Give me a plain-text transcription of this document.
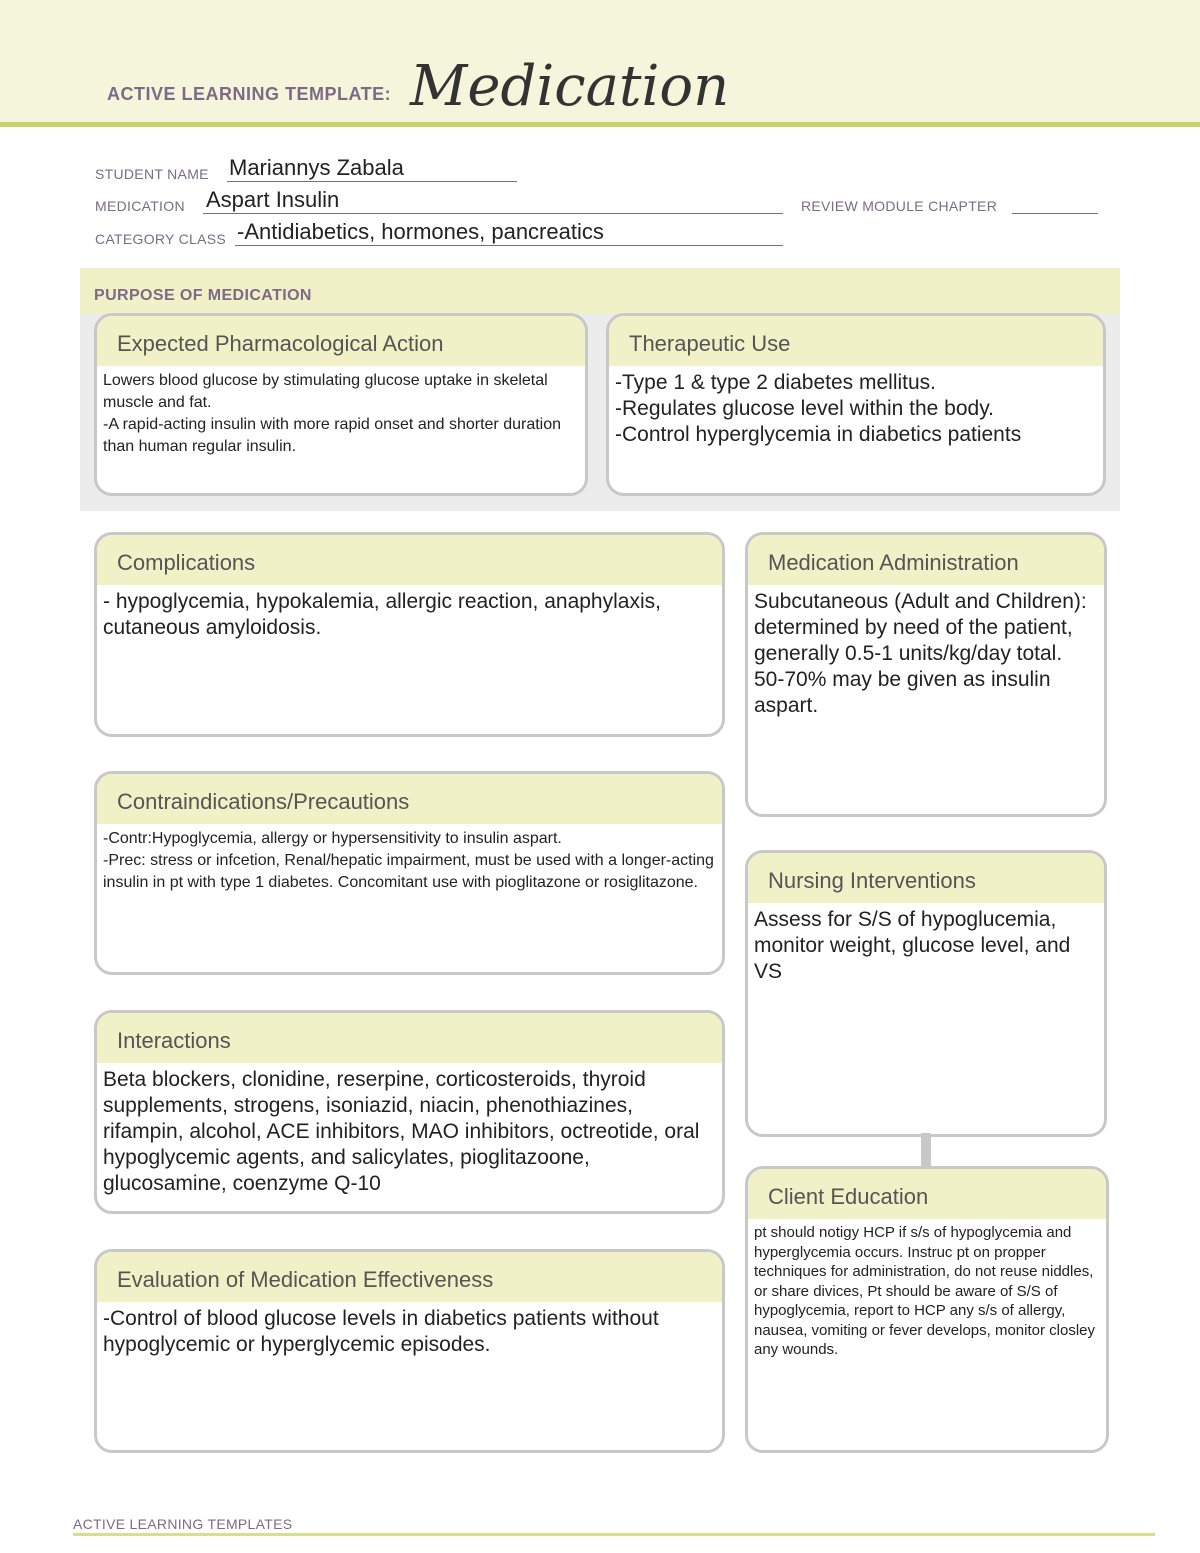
ACTIVE LEARNING TEMPLATE: Medication
STUDENT NAME Mariannys Zabala
MEDICATION Aspart Insulin	REVIEW MODULE CHAPTER
CATEGORY CLASS -Antidiabetics, hormones, pancreatics
PURPOSE OF MEDICATION
Expected Pharmacological Action
Lowers blood glucose by stimulating glucose uptake in skeletal muscle and fat.
-A rapid-acting insulin with more rapid onset and shorter duration than human regular insulin.
Therapeutic Use
-Type 1 & type 2 diabetes mellitus.
-Regulates glucose level within the body.
-Control hyperglycemia in diabetics patients
Complications
- hypoglycemia, hypokalemia, allergic reaction, anaphylaxis, cutaneous amyloidosis.
Medication Administration
Subcutaneous (Adult and Children): determined by need of the patient, generally 0.5-1 units/kg/day total. 50-70% may be given as insulin aspart.
Contraindications/Precautions
-Contr:Hypoglycemia, allergy or hypersensitivity to insulin aspart.
-Prec: stress or infcetion, Renal/hepatic impairment, must be used with a longer-acting insulin in pt with type 1 diabetes. Concomitant use with pioglitazone or rosiglitazone.	Nursing Interventions
Assess for S/S of hypoglucemia, monitor weight, glucose level, and VS
Interactions
Beta blockers, clonidine, reserpine, corticosteroids, thyroid supplements, strogens, isoniazid, niacin, phenothiazines, rifampin, alcohol, ACE inhibitors, MAO inhibitors, octreotide, oral hypoglycemic agents, and salicylates, pioglitazoone, glucosamine, coenzyme Q-10
Client Education
pt should notigy HCP if s/s of hypoglycemia and hyperglycemia occurs. Instruc pt on propper techniques for administration, do not reuse niddles, or share divices, Pt should be aware of S/S of hypoglycemia, report to HCP any s/s of allergy, nausea, vomiting or fever develops, monitor closley any wounds.
Evaluation of Medication Effectiveness
-Control of blood glucose levels in diabetics patients without hypoglycemic or hyperglycemic episodes.
ACTIVE LEARNING TEMPLATES
